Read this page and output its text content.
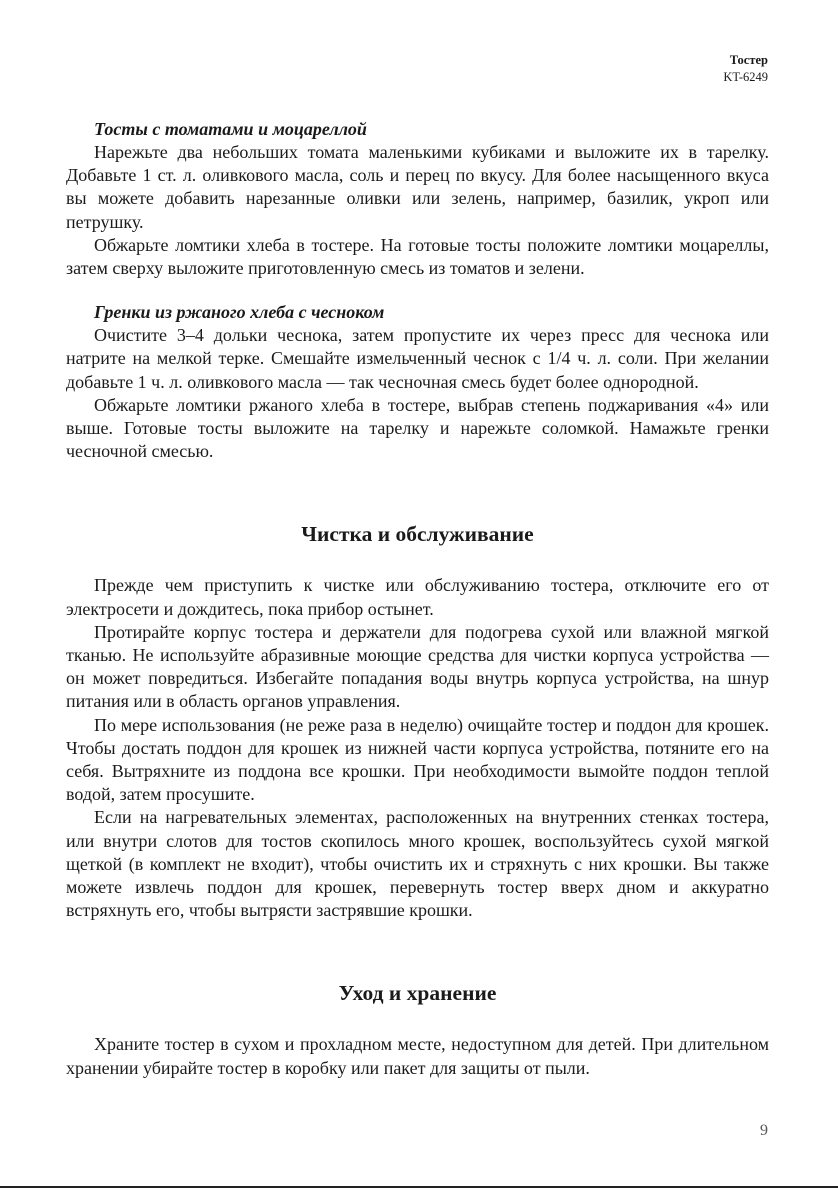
Тостер
KT-6249
Тосты с томатами и моцареллой

Нарежьте два небольших томата маленькими кубиками и выложите их в тарелку. Добавьте 1 ст. л. оливкового масла, соль и перец по вкусу. Для более насыщенного вкуса вы можете добавить нарезанные оливки или зелень, например, базилик, укроп или петрушку.

Обжарьте ломтики хлеба в тостере. На готовые тосты положите ломтики моцареллы, затем сверху выложите приготовленную смесь из томатов и зелени.

Гренки из ржаного хлеба с чесноком

Очистите 3–4 дольки чеснока, затем пропустите их через пресс для чеснока или натрите на мелкой терке. Смешайте измельченный чеснок с 1/4 ч. л. соли. При желании добавьте 1 ч. л. оливкового масла — так чесночная смесь будет более однородной.

Обжарьте ломтики ржаного хлеба в тостере, выбрав степень поджаривания «4» или выше. Готовые тосты выложите на тарелку и нарежьте соломкой. Намажьте гренки чесночной смесью.

Чистка и обслуживание

Прежде чем приступить к чистке или обслуживанию тостера, отключите его от электросети и дождитесь, пока прибор остынет.

Протирайте корпус тостера и держатели для подогрева сухой или влажной мягкой тканью. Не используйте абразивные моющие средства для чистки корпуса устройства — он может повредиться. Избегайте попадания воды внутрь корпуса устройства, на шнур питания или в область органов управления.

По мере использования (не реже раза в неделю) очищайте тостер и поддон для крошек. Чтобы достать поддон для крошек из нижней части корпуса устройства, потяните его на себя. Вытряхните из поддона все крошки. При необходимости вымойте поддон теплой водой, затем просушите.

Если на нагревательных элементах, расположенных на внутренних стенках тостера, или внутри слотов для тостов скопилось много крошек, воспользуйтесь сухой мягкой щеткой (в комплект не входит), чтобы очистить их и стряхнуть с них крошки. Вы также можете извлечь поддон для крошек, перевернуть тостер вверх дном и аккуратно встряхнуть его, чтобы вытрясти застрявшие крошки.

Уход и хранение

Храните тостер в сухом и прохладном месте, недоступном для детей. При длительном хранении убирайте тостер в коробку или пакет для защиты от пыли.

9
